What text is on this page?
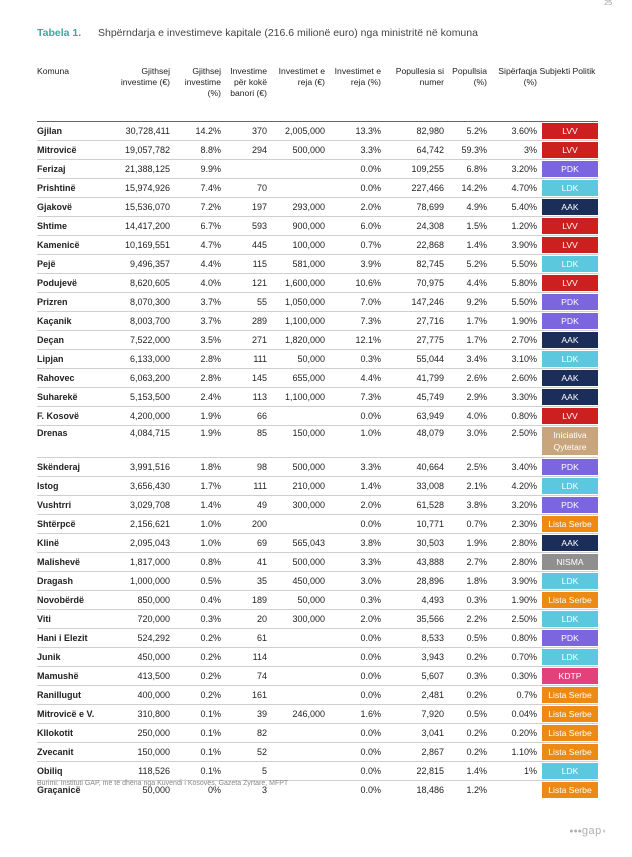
25
Tabela 1. Shpërndarja e investimeve kapitale (216.6 milionë euro) nga ministritë në komuna
Komuna	Gjithsej investime (€)	Gjithsej investime (%)	Investime për kokë banori (€)	Investimet e reja (€)	Investimet e reja (%)	Popullesia si numer	Popullsia (%)	Sipërfaqja (%)	Subjekti Politik
Gjilan	30,728,411	14.2%	370	2,005,000	13.3%	82,980	5.2%	3.60%	LVV

Mitrovicë	19,057,782	8.8%	294	500,000	3.3%	64,742	59.3%	3%	LVV

Ferizaj	21,388,125	9.9%			0.0%	109,255	6.8%	3.20%	PDK

Prishtinë	15,974,926	7.4%	70		0.0%	227,466	14.2%	4.70%	LDK

Gjakovë	15,536,070	7.2%	197	293,000	2.0%	78,699	4.9%	5.40%	AAK

Shtime	14,417,200	6.7%	593	900,000	6.0%	24,308	1.5%	1.20%	LVV

Kamenicë	10,169,551	4.7%	445	100,000	0.7%	22,868	1.4%	3.90%	LVV

Pejë	9,496,357	4.4%	115	581,000	3.9%	82,745	5.2%	5.50%	LDK

Podujevë	8,620,605	4.0%	121	1,600,000	10.6%	70,975	4.4%	5.80%	LVV

Prizren	8,070,300	3.7%	55	1,050,000	7.0%	147,246	9.2%	5.50%	PDK

Kaçanik	8,003,700	3.7%	289	1,100,000	7.3%	27,716	1.7%	1.90%	PDK

Deçan	7,522,000	3.5%	271	1,820,000	12.1%	27,775	1.7%	2.70%	AAK

Lipjan	6,133,000	2.8%	111	50,000	0.3%	55,044	3.4%	3.10%	LDK

Rahovec	6,063,200	2.8%	145	655,000	4.4%	41,799	2.6%	2.60%	AAK

Suharekë	5,153,500	2.4%	113	1,100,000	7.3%	45,749	2.9%	3.30%	AAK

F. Kosovë	4,200,000	1.9%	66		0.0%	63,949	4.0%	0.80%	LVV

Drenas	4,084,715	1.9%	85	150,000	1.0%	48,079	3.0%	2.50%	Iniciativa Qytetare

Skënderaj	3,991,516	1.8%	98	500,000	3.3%	40,664	2.5%	3.40%	PDK

Istog	3,656,430	1.7%	111	210,000	1.4%	33,008	2.1%	4.20%	LDK

Vushtrri	3,029,708	1.4%	49	300,000	2.0%	61,528	3.8%	3.20%	PDK

Shtërpcë	2,156,621	1.0%	200		0.0%	10,771	0.7%	2.30%	Lista Serbe

Klinë	2,095,043	1.0%	69	565,043	3.8%	30,503	1.9%	2.80%	AAK

Malishevë	1,817,000	0.8%	41	500,000	3.3%	43,888	2.7%	2.80%	NISMA

Dragash	1,000,000	0.5%	35	450,000	3.0%	28,896	1.8%	3.90%	LDK

Novobërdë	850,000	0.4%	189	50,000	0.3%	4,493	0.3%	1.90%	Lista Serbe

Viti	720,000	0.3%	20	300,000	2.0%	35,566	2.2%	2.50%	LDK

Hani i Elezit	524,292	0.2%	61		0.0%	8,533	0.5%	0.80%	PDK

Junik	450,000	0.2%	114		0.0%	3,943	0.2%	0.70%	LDK

Mamushë	413,500	0.2%	74		0.0%	5,607	0.3%	0.30%	KDTP

Ranillugut	400,000	0.2%	161		0.0%	2,481	0.2%	0.7%	Lista Serbe

Mitrovicë e V.	310,800	0.1%	39	246,000	1.6%	7,920	0.5%	0.04%	Lista Serbe

Kllokotit	250,000	0.1%	82		0.0%	3,041	0.2%	0.20%	Lista Serbe

Zvecanit	150,000	0.1%	52		0.0%	2,867	0.2%	1.10%	Lista Serbe

Obiliq	118,526	0.1%	5		0.0%	22,815	1.4%	1%	LDK

Graçanicë	50,000	0%	3		0.0%	18,486	1.2%		Lista Serbe
Burimi: Instituti GAP, më të dhëna nga Kuvendi i Kosovës, Gazeta Zyrtare, MFPT
●●●gap◖
